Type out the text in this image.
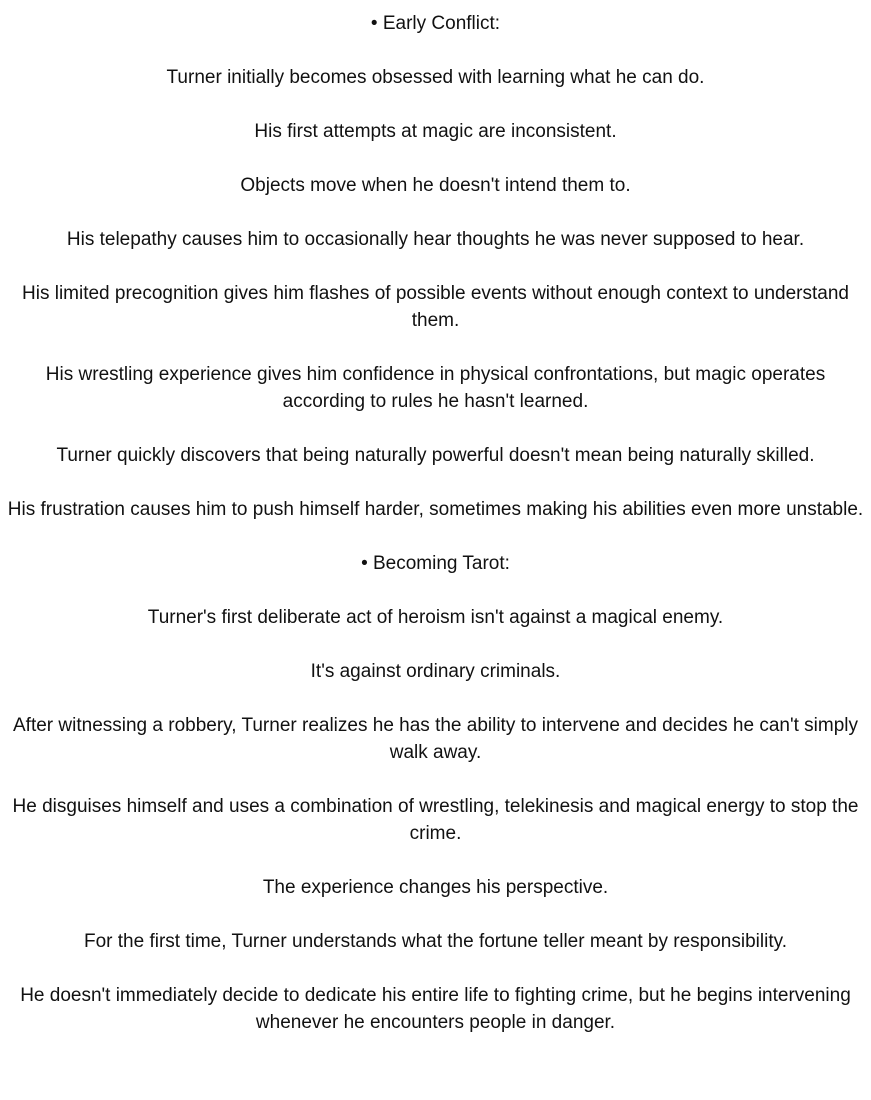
• Early Conflict:

Turner initially becomes obsessed with learning what he can do.

His first attempts at magic are inconsistent.

Objects move when he doesn't intend them to.

His telepathy causes him to occasionally hear thoughts he was never supposed to hear.

His limited precognition gives him flashes of possible events without enough context to understand them.

His wrestling experience gives him confidence in physical confrontations, but magic operates according to rules he hasn't learned.

Turner quickly discovers that being naturally powerful doesn't mean being naturally skilled.

His frustration causes him to push himself harder, sometimes making his abilities even more unstable.

• Becoming Tarot:

Turner's first deliberate act of heroism isn't against a magical enemy.

It's against ordinary criminals.

After witnessing a robbery, Turner realizes he has the ability to intervene and decides he can't simply walk away.

He disguises himself and uses a combination of wrestling, telekinesis and magical energy to stop the crime.

The experience changes his perspective.

For the first time, Turner understands what the fortune teller meant by responsibility.

He doesn't immediately decide to dedicate his entire life to fighting crime, but he begins intervening whenever he encounters people in danger.
